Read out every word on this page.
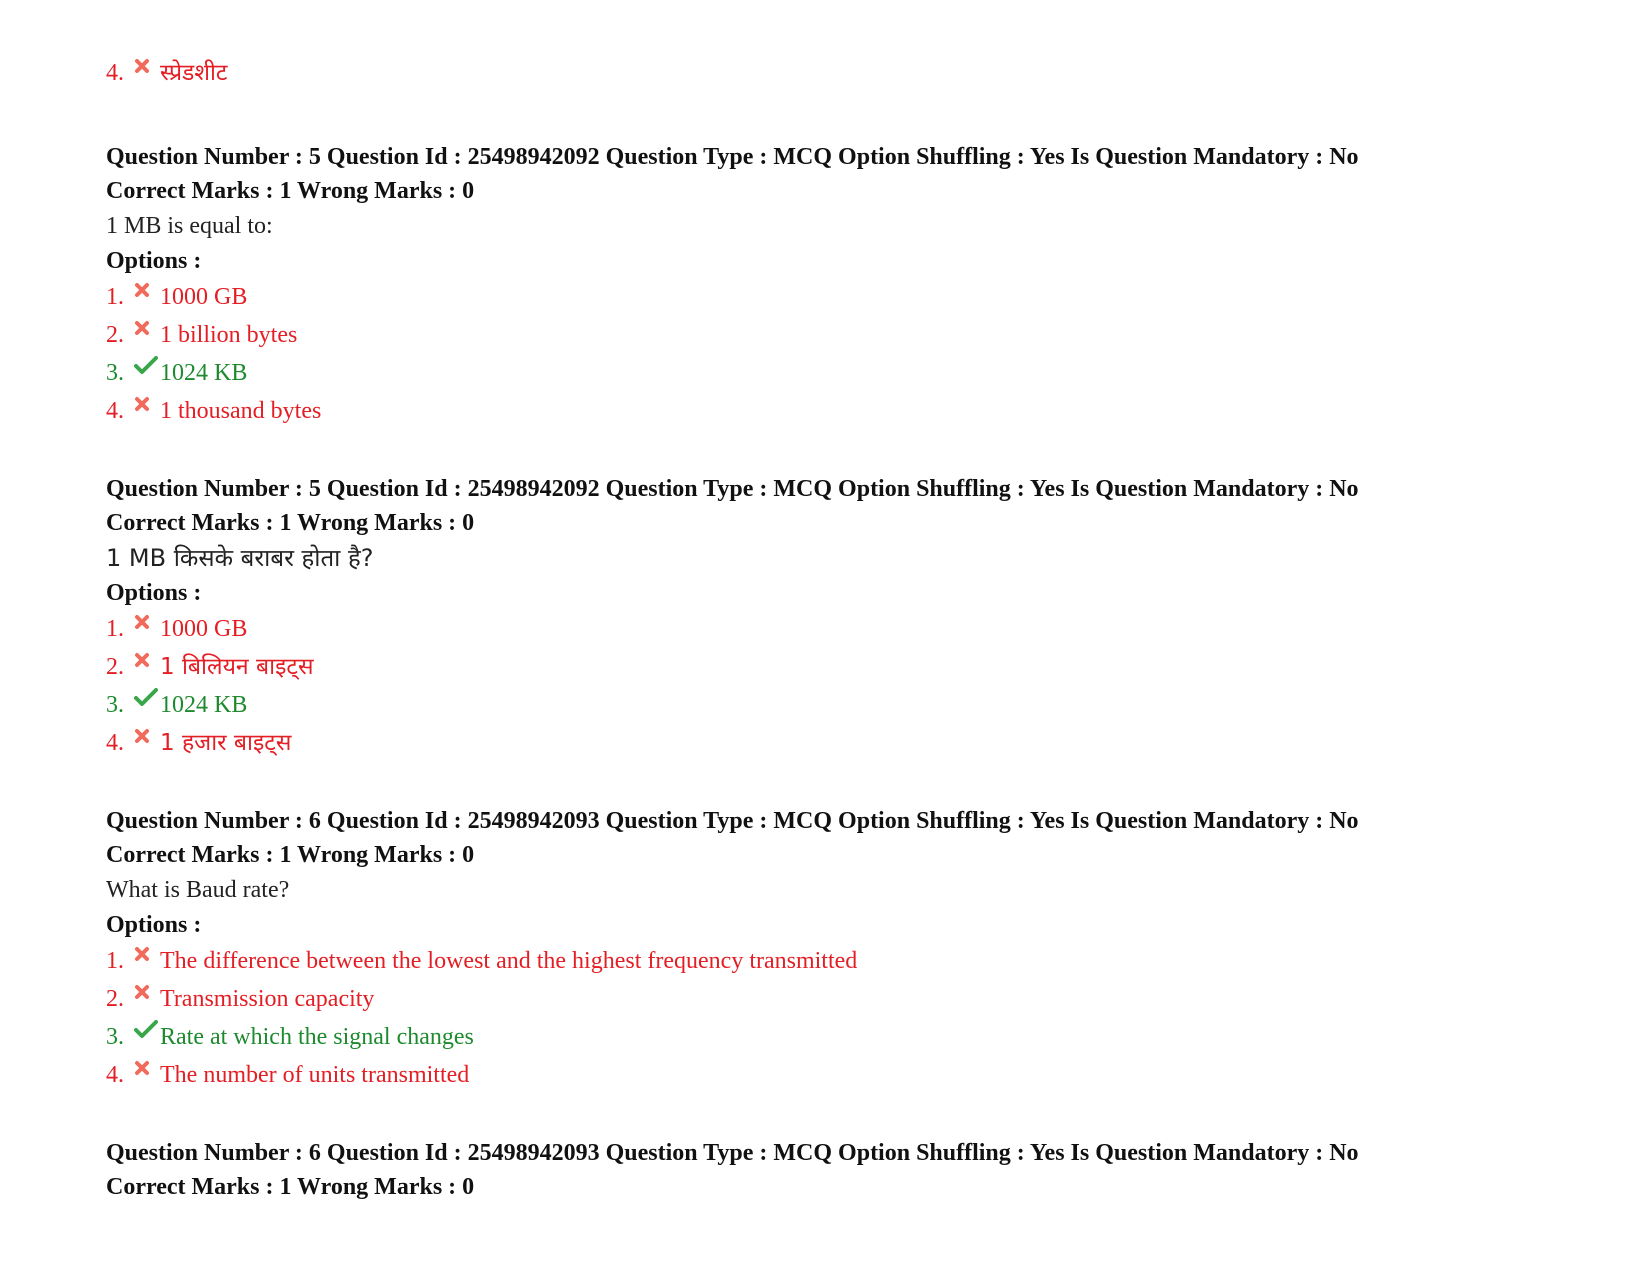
4.	स्प्रेडशीट
Question Number : 5 Question Id : 25498942092 Question Type : MCQ Option Shuffling : Yes Is Question Mandatory : No
Correct Marks : 1 Wrong Marks : 0
1 MB is equal to:
Options :
1.	1000 GB
2.	1 billion bytes
3.	1024 KB
4.	1 thousand bytes
Question Number : 5 Question Id : 25498942092 Question Type : MCQ Option Shuffling : Yes Is Question Mandatory : No
Correct Marks : 1 Wrong Marks : 0
1 MB किसके बराबर होता है?
Options :
1.	1000 GB
2.	1 बिलियन बाइट्स
3.	1024 KB
4.	1 हजार बाइट्स
Question Number : 6 Question Id : 25498942093 Question Type : MCQ Option Shuffling : Yes Is Question Mandatory : No
Correct Marks : 1 Wrong Marks : 0
What is Baud rate?
Options :
1.	The difference between the lowest and the highest frequency transmitted
2.	Transmission capacity
3.	Rate at which the signal changes
4.	The number of units transmitted
Question Number : 6 Question Id : 25498942093 Question Type : MCQ Option Shuffling : Yes Is Question Mandatory : No
Correct Marks : 1 Wrong Marks : 0
